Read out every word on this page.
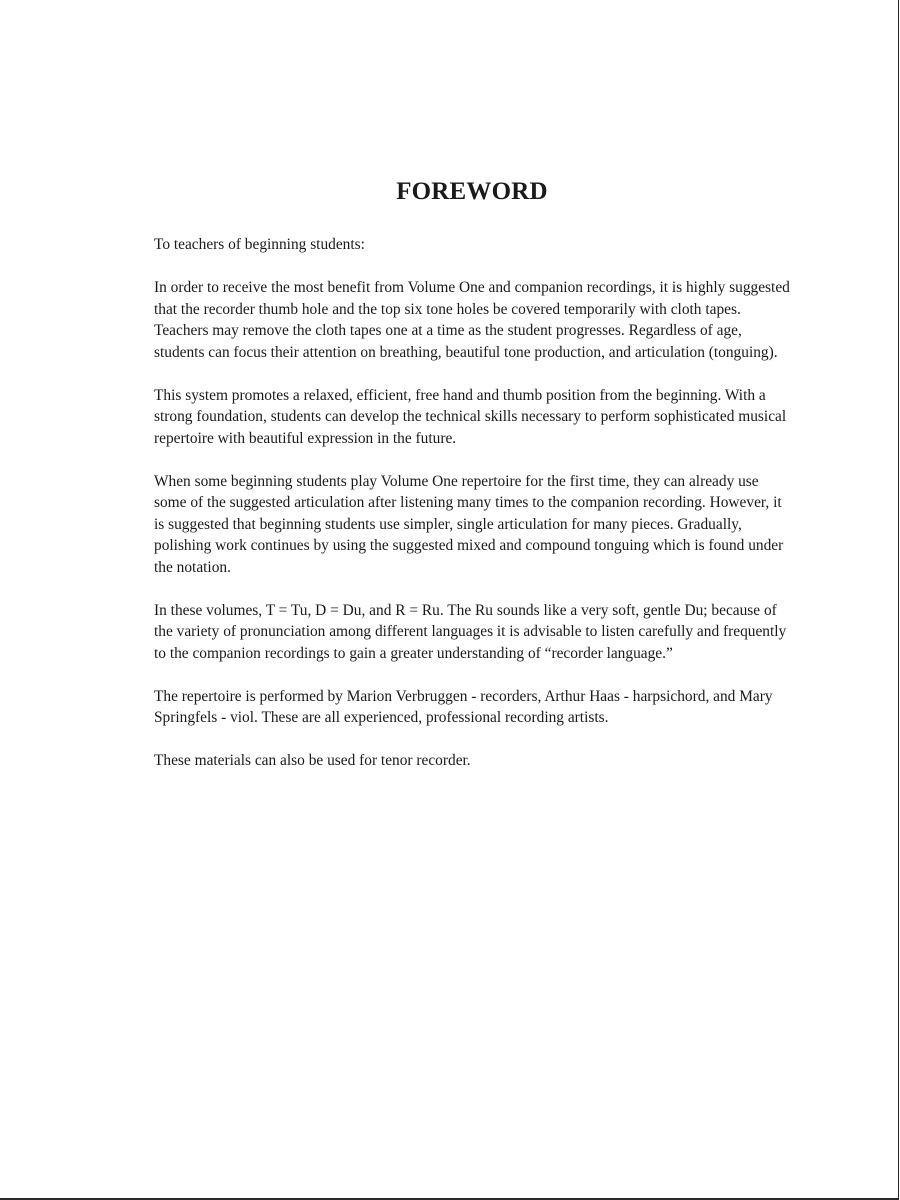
FOREWORD

To teachers of beginning students:

In order to receive the most benefit from Volume One and companion recordings, it is highly suggested that the recorder thumb hole and the top six tone holes be covered temporarily with cloth tapes. Teachers may remove the cloth tapes one at a time as the student progresses. Regardless of age, students can focus their attention on breathing, beautiful tone production, and articulation (tonguing).

This system promotes a relaxed, efficient, free hand and thumb position from the beginning. With a strong foundation, students can develop the technical skills necessary to perform sophisticated musical repertoire with beautiful expression in the future.

When some beginning students play Volume One repertoire for the first time, they can already use some of the suggested articulation after listening many times to the companion recording. However, it is suggested that beginning students use simpler, single articulation for many pieces. Gradually, polishing work continues by using the suggested mixed and compound tonguing which is found under the notation.

In these volumes, T = Tu, D = Du, and R = Ru. The Ru sounds like a very soft, gentle Du; because of the variety of pronunciation among different languages it is advisable to listen carefully and frequently to the companion recordings to gain a greater understanding of “recorder language.”

The repertoire is performed by Marion Verbruggen - recorders, Arthur Haas - harpsichord, and Mary Springfels - viol. These are all experienced, professional recording artists.

These materials can also be used for tenor recorder.
